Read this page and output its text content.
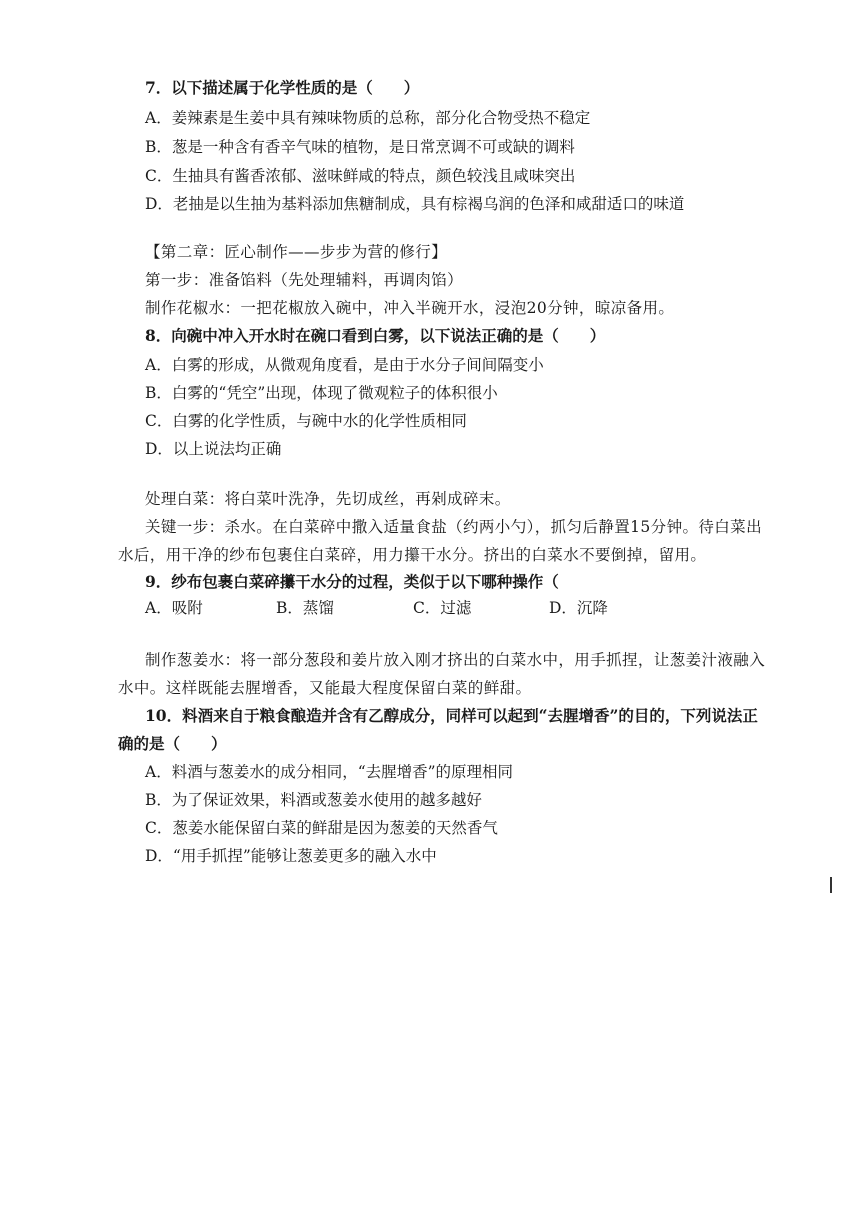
7．以下描述属于化学性质的是（　　）
A．姜辣素是生姜中具有辣味物质的总称，部分化合物受热不稳定
B．葱是一种含有香辛气味的植物，是日常烹调不可或缺的调料
C．生抽具有酱香浓郁、滋味鲜咸的特点，颜色较浅且咸味突出
D．老抽是以生抽为基料添加焦糖制成，具有棕褐乌润的色泽和咸甜适口的味道
【第二章：匠心制作——步步为营的修行】
第一步：准备馅料（先处理辅料，再调肉馅）
制作花椒水：一把花椒放入碗中，冲入半碗开水，浸泡20分钟，晾凉备用。
8．向碗中冲入开水时在碗口看到白雾，以下说法正确的是（　　）
A．白雾的形成，从微观角度看，是由于水分子间间隔变小
B．白雾的“凭空”出现，体现了微观粒子的体积很小
C．白雾的化学性质，与碗中水的化学性质相同
D．以上说法均正确
处理白菜：将白菜叶洗净，先切成丝，再剁成碎末。
关键一步：杀水。在白菜碎中撒入适量食盐（约两小勺），抓匀后静置15分钟。待白菜出
水后，用干净的纱布包裹住白菜碎，用力攥干水分。挤出的白菜水不要倒掉，留用。
9．纱布包裹白菜碎攥干水分的过程，类似于以下哪种操作（
A．吸附	B．蒸馏	C．过滤	D．沉降
制作葱姜水：将一部分葱段和姜片放入刚才挤出的白菜水中，用手抓捏，让葱姜汁液融入
水中。这样既能去腥增香，又能最大程度保留白菜的鲜甜。
10．料酒来自于粮食酿造并含有乙醇成分，同样可以起到“去腥增香”的目的，下列说法正
确的是（　　）
A．料酒与葱姜水的成分相同，“去腥增香”的原理相同
B．为了保证效果，料酒或葱姜水使用的越多越好
C．葱姜水能保留白菜的鲜甜是因为葱姜的天然香气
D．“用手抓捏”能够让葱姜更多的融入水中
